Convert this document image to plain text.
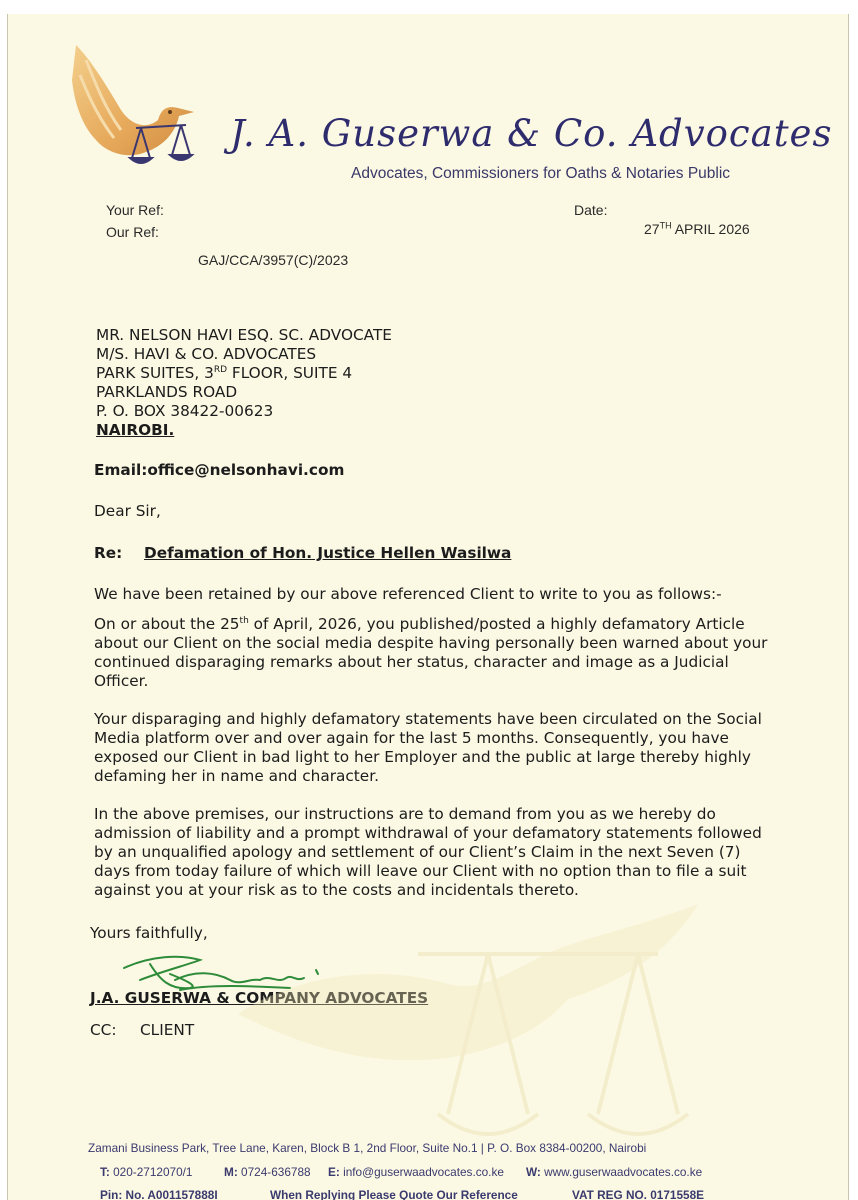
J. A. Guserwa & Co. Advocates
Advocates, Commissioners for Oaths & Notaries Public
Your Ref:
Our Ref:
GAJ/CCA/3957(C)/2023
Date:
27TH APRIL 2026
MR. NELSON HAVI ESQ. SC. ADVOCATE
M/S. HAVI & CO. ADVOCATES
PARK SUITES, 3RD FLOOR, SUITE 4
PARKLANDS ROAD
P. O. BOX 38422-00623
NAIROBI.
Email:office@nelsonhavi.com
Dear Sir,
Re: Defamation of Hon. Justice Hellen Wasilwa
We have been retained by our above referenced Client to write to you as follows:-
On or about the 25th of April, 2026, you published/posted a highly defamatory Article
about our Client on the social media despite having personally been warned about your
continued disparaging remarks about her status, character and image as a Judicial
Officer.
Your disparaging and highly defamatory statements have been circulated on the Social
Media platform over and over again for the last 5 months. Consequently, you have
exposed our Client in bad light to her Employer and the public at large thereby highly
defaming her in name and character.
In the above premises, our instructions are to demand from you as we hereby do
admission of liability and a prompt withdrawal of your defamatory statements followed
by an unqualified apology and settlement of our Client’s Claim in the next Seven (7)
days from today failure of which will leave our Client with no option than to file a suit
against you at your risk as to the costs and incidentals thereto.
Yours faithfully,
J.A. GUSERWA & COMPANY ADVOCATES
CC: CLIENT
Zamani Business Park, Tree Lane, Karen, Block B 1, 2nd Floor, Suite No.1 | P. O. Box 8384-00200, Nairobi
T: 020-2712070/1	M: 0724-636788 E: info@guserwaadvocates.co.ke W: www.guserwaadvocates.co.ke
Pin: No. A001157888I	When Replying Please Quote Our Reference	VAT REG NO. 0171558E
